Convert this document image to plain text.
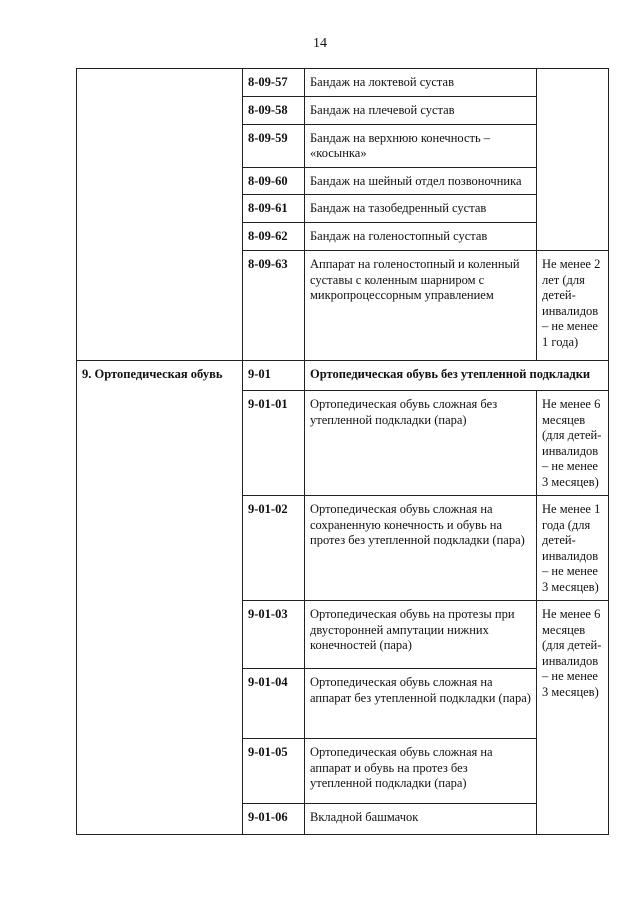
14
	8-09-57	Бандаж на локтевой сустав	
	8-09-58	Бандаж на плечевой сустав	
	8-09-59	Бандаж на верхнюю конечность – «косынка»	
	8-09-60	Бандаж на шейный отдел позвоночника	
	8-09-61	Бандаж на тазобедренный сустав	
	8-09-62	Бандаж на голеностопный сустав	
	8-09-63	Аппарат на голеностопный и коленный суставы с коленным шарниром с микропроцессорным управлением	Не менее 2 лет (для детей-инвалидов – не менее 1 года)
9. Ортопедическая обувь	9-01	Ортопедическая обувь без утепленной подкладки	
	9-01-01	Ортопедическая обувь сложная без утепленной подкладки (пара)	Не менее 6 месяцев (для детей-инвалидов – не менее 3 месяцев)
	9-01-02	Ортопедическая обувь сложная на сохраненную конечность и обувь на протез без утепленной подкладки (пара)	Не менее 1 года (для детей-инвалидов – не менее 3 месяцев)
	9-01-03	Ортопедическая обувь на протезы при двусторонней ампутации нижних конечностей (пара)	Не менее 6 месяцев (для детей-инвалидов – не менее 3 месяцев)
	9-01-04	Ортопедическая обувь сложная на аппарат без утепленной подкладки (пара)	
	9-01-05	Ортопедическая обувь сложная на аппарат и обувь на протез без утепленной подкладки (пара)	
	9-01-06	Вкладной башмачок	
